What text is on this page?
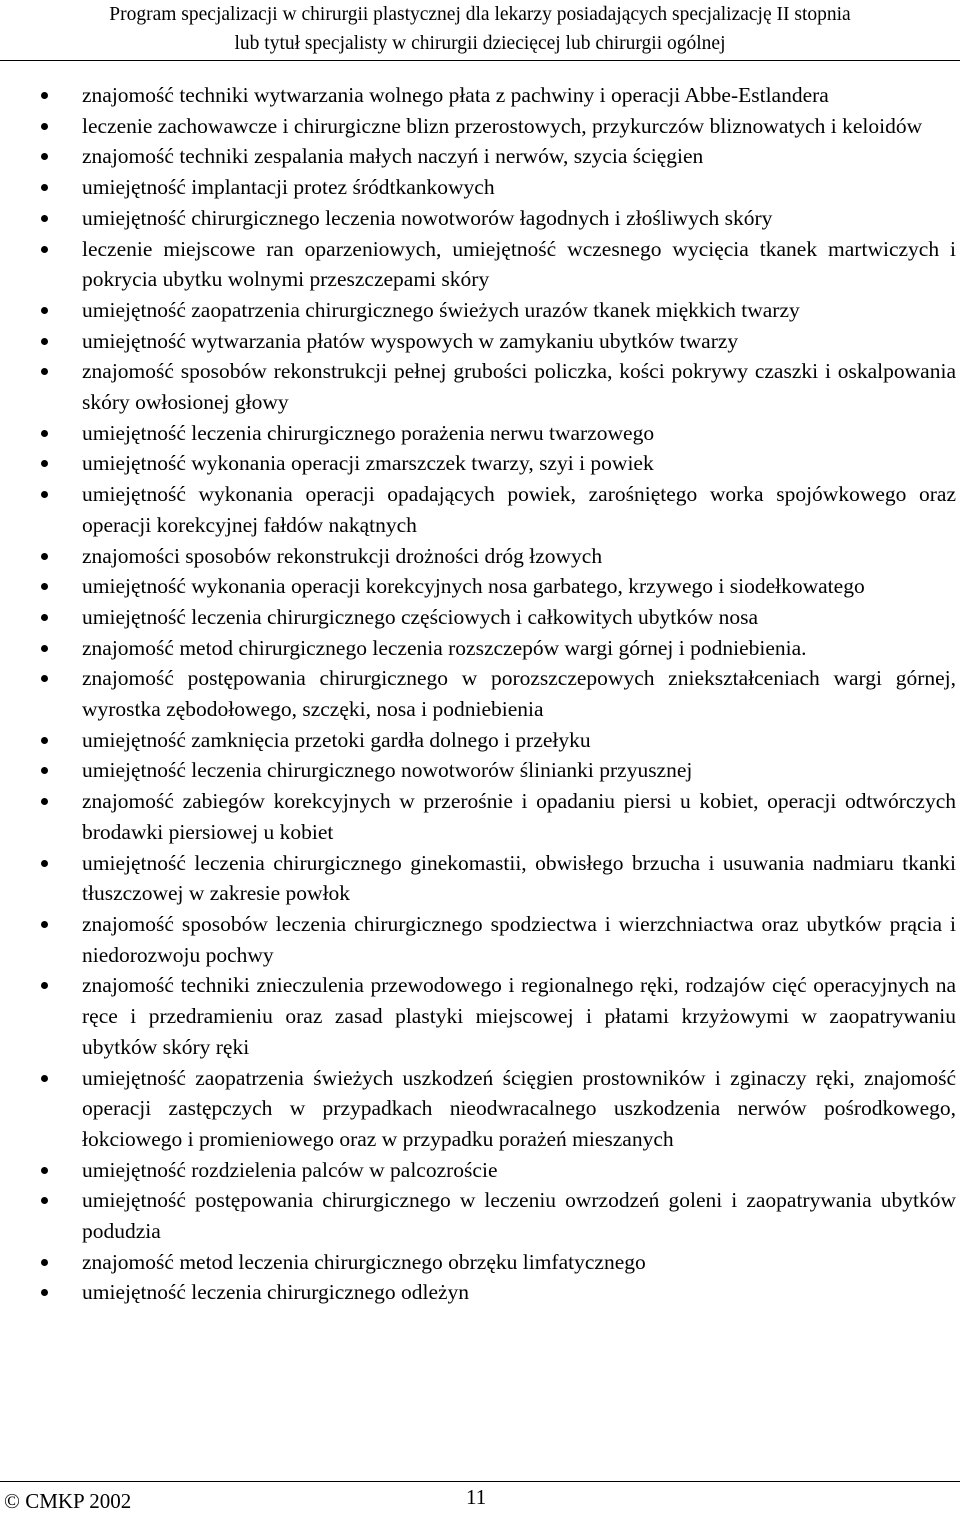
Program specjalizacji w chirurgii plastycznej dla lekarzy posiadających specjalizację II stopnia
lub tytuł specjalisty w chirurgii dziecięcej lub chirurgii ogólnej
znajomość techniki wytwarzania wolnego płata z pachwiny i operacji Abbe-Estlandera
leczenie zachowawcze i chirurgiczne blizn przerostowych, przykurczów bliznowatych i keloidów
znajomość techniki zespalania małych naczyń i nerwów, szycia ścięgien
umiejętność implantacji protez śródtkankowych
umiejętność chirurgicznego leczenia nowotworów łagodnych i złośliwych skóry
leczenie miejscowe ran oparzeniowych, umiejętność wczesnego wycięcia tkanek martwiczych i pokrycia ubytku wolnymi przeszczepami skóry
umiejętność zaopatrzenia chirurgicznego świeżych urazów tkanek miękkich twarzy
umiejętność wytwarzania płatów wyspowych w zamykaniu ubytków twarzy
znajomość sposobów rekonstrukcji pełnej grubości policzka, kości pokrywy czaszki i oskalpowania skóry owłosionej głowy
umiejętność leczenia chirurgicznego porażenia nerwu twarzowego
umiejętność wykonania operacji zmarszczek twarzy, szyi i powiek
umiejętność wykonania operacji opadających powiek, zarośniętego worka spojówkowego oraz operacji korekcyjnej fałdów nakątnych
znajomości sposobów rekonstrukcji drożności dróg łzowych
umiejętność wykonania operacji korekcyjnych nosa garbatego, krzywego i siodełkowatego
umiejętność leczenia chirurgicznego częściowych i całkowitych ubytków nosa
znajomość metod chirurgicznego leczenia rozszczepów wargi górnej i podniebienia.
znajomość postępowania chirurgicznego w porozszczepowych zniekształceniach wargi górnej, wyrostka zębodołowego, szczęki, nosa i podniebienia
umiejętność zamknięcia przetoki gardła dolnego i przełyku
umiejętność leczenia chirurgicznego nowotworów ślinianki przyusznej
znajomość zabiegów korekcyjnych w przerośnie i opadaniu piersi u kobiet, operacji odtwórczych brodawki piersiowej u kobiet
umiejętność leczenia chirurgicznego ginekomastii, obwisłego brzucha i usuwania nadmiaru tkanki tłuszczowej w zakresie powłok
znajomość sposobów leczenia chirurgicznego spodziectwa i wierzchniactwa oraz ubytków prącia i niedorozwoju pochwy
znajomość techniki znieczulenia przewodowego i regionalnego ręki, rodzajów cięć operacyjnych na ręce i przedramieniu oraz zasad plastyki miejscowej i płatami krzyżowymi w zaopatrywaniu ubytków skóry ręki
umiejętność zaopatrzenia świeżych uszkodzeń ścięgien prostowników i zginaczy ręki, znajomość operacji zastępczych w przypadkach nieodwracalnego uszkodzenia nerwów pośrodkowego, łokciowego i promieniowego oraz w przypadku porażeń mieszanych
umiejętność rozdzielenia palców w palcozroście
umiejętność postępowania chirurgicznego w leczeniu owrzodzeń goleni i zaopatrywania ubytków podudzia
znajomość metod leczenia chirurgicznego obrzęku limfatycznego
umiejętność leczenia chirurgicznego odleżyn
© CMKP 2002	11
